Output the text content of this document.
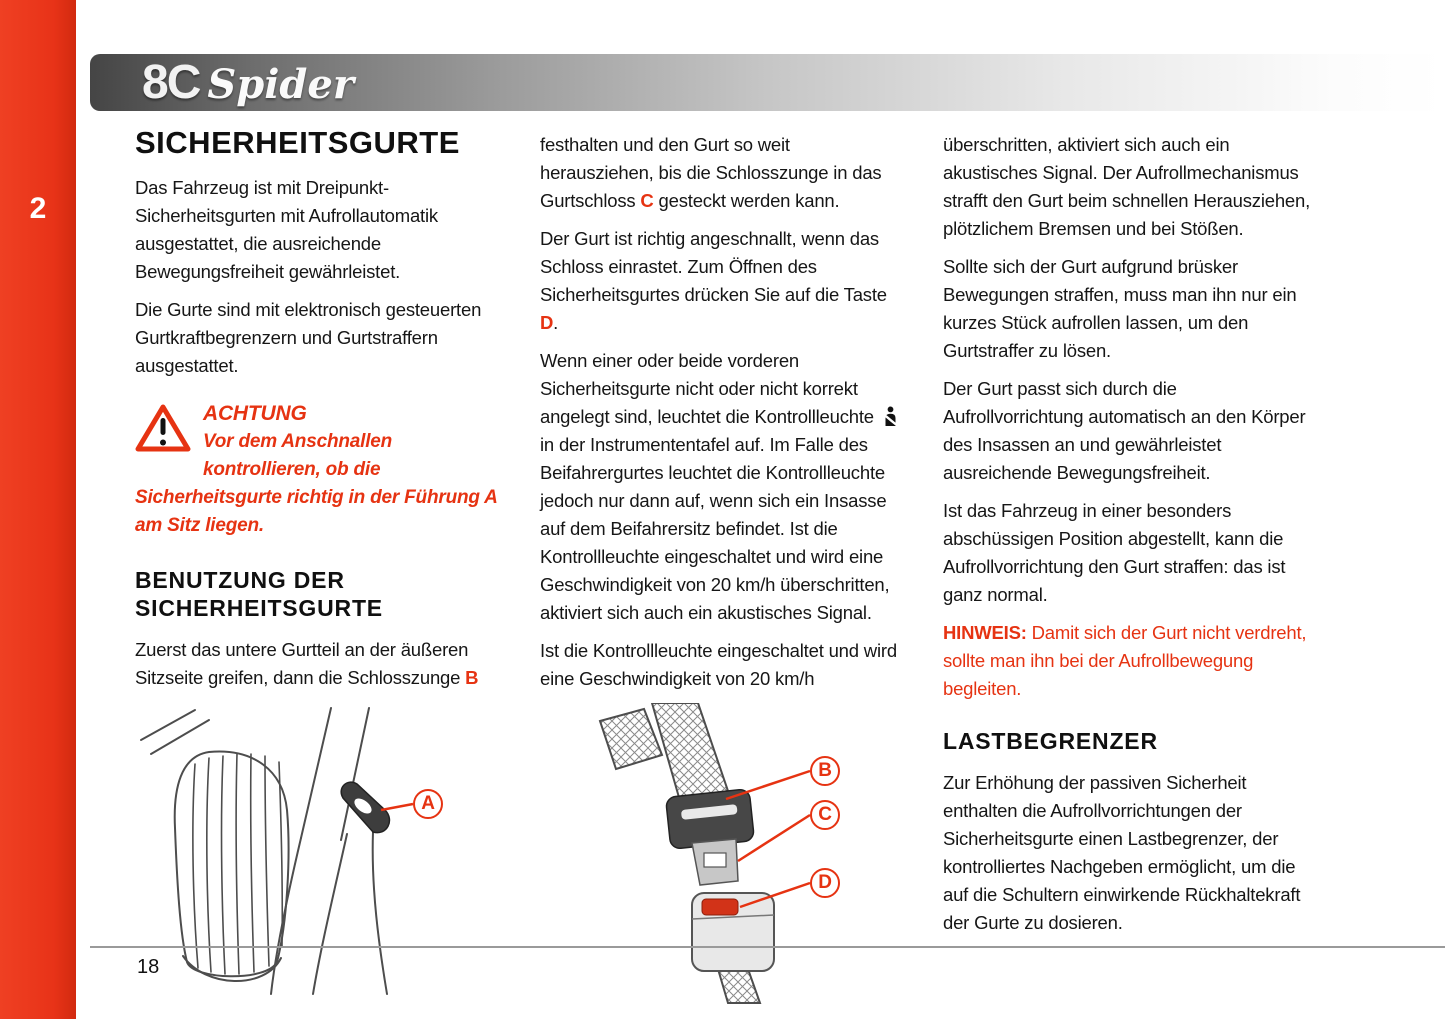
2
8C Spider
SICHERHEITSGURTE

Das Fahrzeug ist mit Dreipunkt-Sicherheitsgurten mit Aufrollautomatik ausgestattet, die ausreichende Bewegungsfreiheit gewährleistet.

Die Gurte sind mit elektronisch gesteuerten Gurtkraftbegrenzern und Gurtstraffern ausgestattet.

ACHTUNG
Vor dem Anschnallen kontrollieren, ob die Sicherheitsgurte richtig in der Führung A am Sitz liegen.
BENUTZUNG DER SICHERHEITSGURTE

Zuerst das untere Gurtteil an der äußeren Sitzseite greifen, dann die Schlosszunge B

A

festhalten und den Gurt so weit herausziehen, bis die Schlosszunge in das Gurtschloss C gesteckt werden kann.

Der Gurt ist richtig angeschnallt, wenn das Schloss einrastet. Zum Öffnen des Sicherheitsgurtes drücken Sie auf die Taste D.

Wenn einer oder beide vorderen Sicherheitsgurte nicht oder nicht korrekt angelegt sind, leuchtet die Kontrollleuchte  in der Instrumententafel auf. Im Falle des Beifahrergurtes leuchtet die Kontrollleuchte jedoch nur dann auf, wenn sich ein Insasse auf dem Beifahrersitz befindet. Ist die Kontrollleuchte eingeschaltet und wird eine Geschwindigkeit von 20 km/h überschritten, aktiviert sich auch ein akustisches Signal.

Ist die Kontrollleuchte eingeschaltet und wird eine Geschwindigkeit von 20 km/h

B
C
D

überschritten, aktiviert sich auch ein akustisches Signal. Der Aufrollmechanismus strafft den Gurt beim schnellen Herausziehen, plötzlichem Bremsen und bei Stößen.

Sollte sich der Gurt aufgrund brüsker Bewegungen straffen, muss man ihn nur ein kurzes Stück aufrollen lassen, um den Gurtstraffer zu lösen.

Der Gurt passt sich durch die Aufrollvorrichtung automatisch an den Körper des Insassen an und gewährleistet ausreichende Bewegungsfreiheit.

Ist das Fahrzeug in einer besonders abschüssigen Position abgestellt, kann die Aufrollvorrichtung den Gurt straffen: das ist ganz normal.

HINWEIS: Damit sich der Gurt nicht verdreht, sollte man ihn bei der Aufrollbewegung begleiten.

LASTBEGRENZER

Zur Erhöhung der passiven Sicherheit enthalten die Aufrollvorrichtungen der Sicherheitsgurte einen Lastbegrenzer, der kontrolliertes Nachgeben ermöglicht, um die auf die Schultern einwirkende Rückhaltekraft der Gurte zu dosieren.

18
